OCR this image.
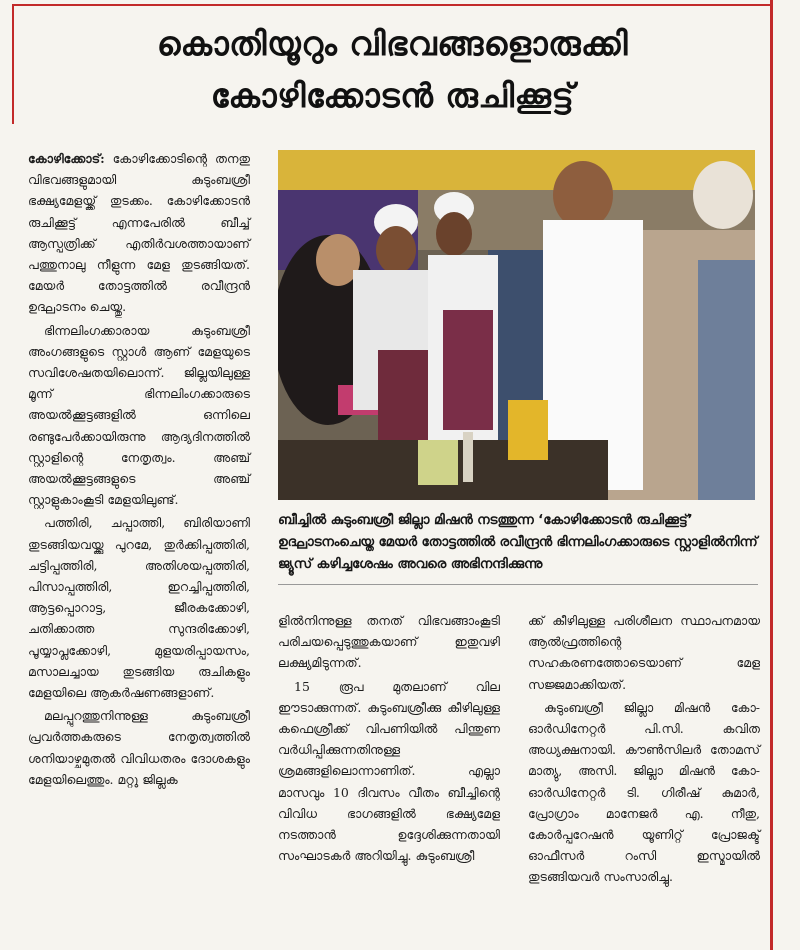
കൊതിയൂറും വിഭവങ്ങളൊരുക്കി
കോഴിക്കോടൻ രുചിക്കൂട്ട്

കോഴിക്കോട്: കോഴിക്കോടിന്റെ തനതു വിഭവങ്ങളുമായി കുടുംബശ്രീ ഭക്ഷ്യമേളയ്ക്ക് തുടക്കം. കോഴിക്കോടൻ രുചിക്കൂട്ട് എന്നപേരിൽ ബീച്ച് ആസ്പത്രിക്ക് എതിർവശത്തായാണ് പത്തുനാലു നീളുന്ന മേള തുടങ്ങിയത്. മേയർ തോട്ടത്തിൽ രവീന്ദ്രൻ ഉദ്ഘാടനം ചെയ്തു.

ഭിന്നലിംഗക്കാരായ കുടുംബശ്രീ അംഗങ്ങളുടെ സ്റ്റാൾ ആണ് മേളയുടെ സവിശേഷതയിലൊന്ന്. ജില്ലയിലുള്ള മൂന്ന് ഭിന്നലിംഗക്കാരുടെ അയൽക്കൂട്ടങ്ങളിൽ ഒന്നിലെ രണ്ടുപേർക്കായിരുന്നു ആദ്യദിനത്തിൽ സ്റ്റാളിന്റെ നേതൃത്വം. അഞ്ച് അയൽക്കൂട്ടങ്ങളുടെ അഞ്ച് സ്റ്റാളുകാംകൂടി മേളയിലുണ്ട്.

പത്തിരി, ചപ്പാത്തി, ബിരിയാണി തുടങ്ങിയവയ്ക്കു പുറമേ, തുർക്കിപ്പത്തിരി, ചട്ടിപ്പത്തിരി, അതിശയപ്പത്തിരി, പിസാപ്പത്തിരി, ഇറച്ചിപ്പത്തിരി, ആട്ടപ്പൊറാട്ട, ജീരകക്കോഴി, ചതിക്കാത്ത സുന്ദരിക്കോഴി, പൂയ്യാപ്ലക്കോഴി, മുളയരിപ്പായസം, മസാലച്ചായ തുടങ്ങിയ രുചികളും മേളയിലെ ആകർഷണങ്ങളാണ്.

മലപ്പുറത്തുനിന്നുള്ള കുടുംബശ്രീ പ്രവർത്തകരുടെ നേതൃത്വത്തിൽ ശനിയാഴ്ചമുതൽ വിവിധതരം ദോശകളും മേളയിലെത്തും. മറ്റു ജില്ലക

ബീച്ചിൽ കുടുംബശ്രീ ജില്ലാ മിഷൻ നടത്തുന്ന ‘കോഴിക്കോടൻ രുചിക്കൂട്ട്’ ഉദ്ഘാടനംചെയ്ത മേയർ തോട്ടത്തിൽ രവീന്ദ്രൻ ഭിന്നലിംഗക്കാരുടെ സ്റ്റാളിൽനിന്ന് ജ്യൂസ് കഴിച്ചശേഷം അവരെ അഭിനന്ദിക്കുന്നു

ളിൽനിന്നുള്ള തനത് വിഭവങ്ങാംകൂടി പരിചയപ്പെടുത്തുകയാണ് ഇതുവഴി ലക്ഷ്യമിടുന്നത്.

15 രൂപ മുതലാണ് വില ഈടാക്കുന്നത്. കുടുംബശ്രീക്കു കീഴിലുള്ള കഫെശ്രീക്ക് വിപണിയിൽ പിന്തുണ വർധിപ്പിക്കുന്നതിനുള്ള ശ്രമങ്ങളിലൊന്നാണിത്. എല്ലാ മാസവും 10 ദിവസം വീതം ബീച്ചിന്റെ വിവിധ ഭാഗങ്ങളിൽ ഭക്ഷ്യമേള നടത്താൻ ഉദ്ദേശിക്കുന്നതായി സംഘാടകർ അറിയിച്ചു. കുടുംബശ്രീ

ക്ക് കീഴിലുള്ള പരിശീലന സ്ഥാപനമായ ആൽഫ്രത്തിന്റെ സഹകരണത്തോടെയാണ് മേള സജ്ജമാക്കിയത്.

കുടുംബശ്രീ ജില്ലാ മിഷൻ കോ-ഓർഡിനേറ്റർ പി.സി. കവിത അധ്യക്ഷനായി. കൗൺസിലർ തോമസ് മാത്യു, അസി. ജില്ലാ മിഷൻ കോ-ഓർഡിനേറ്റർ ടി. ഗിരീഷ് കുമാർ, പ്രോഗ്രാം മാനേജർ എ. നീതു, കോർപ്പറേഷൻ യൂണിറ്റ് പ്രോജക്ട് ഓഫീസർ റംസി ഇസ്മായിൽ തുടങ്ങിയവർ സംസാരിച്ചു.
